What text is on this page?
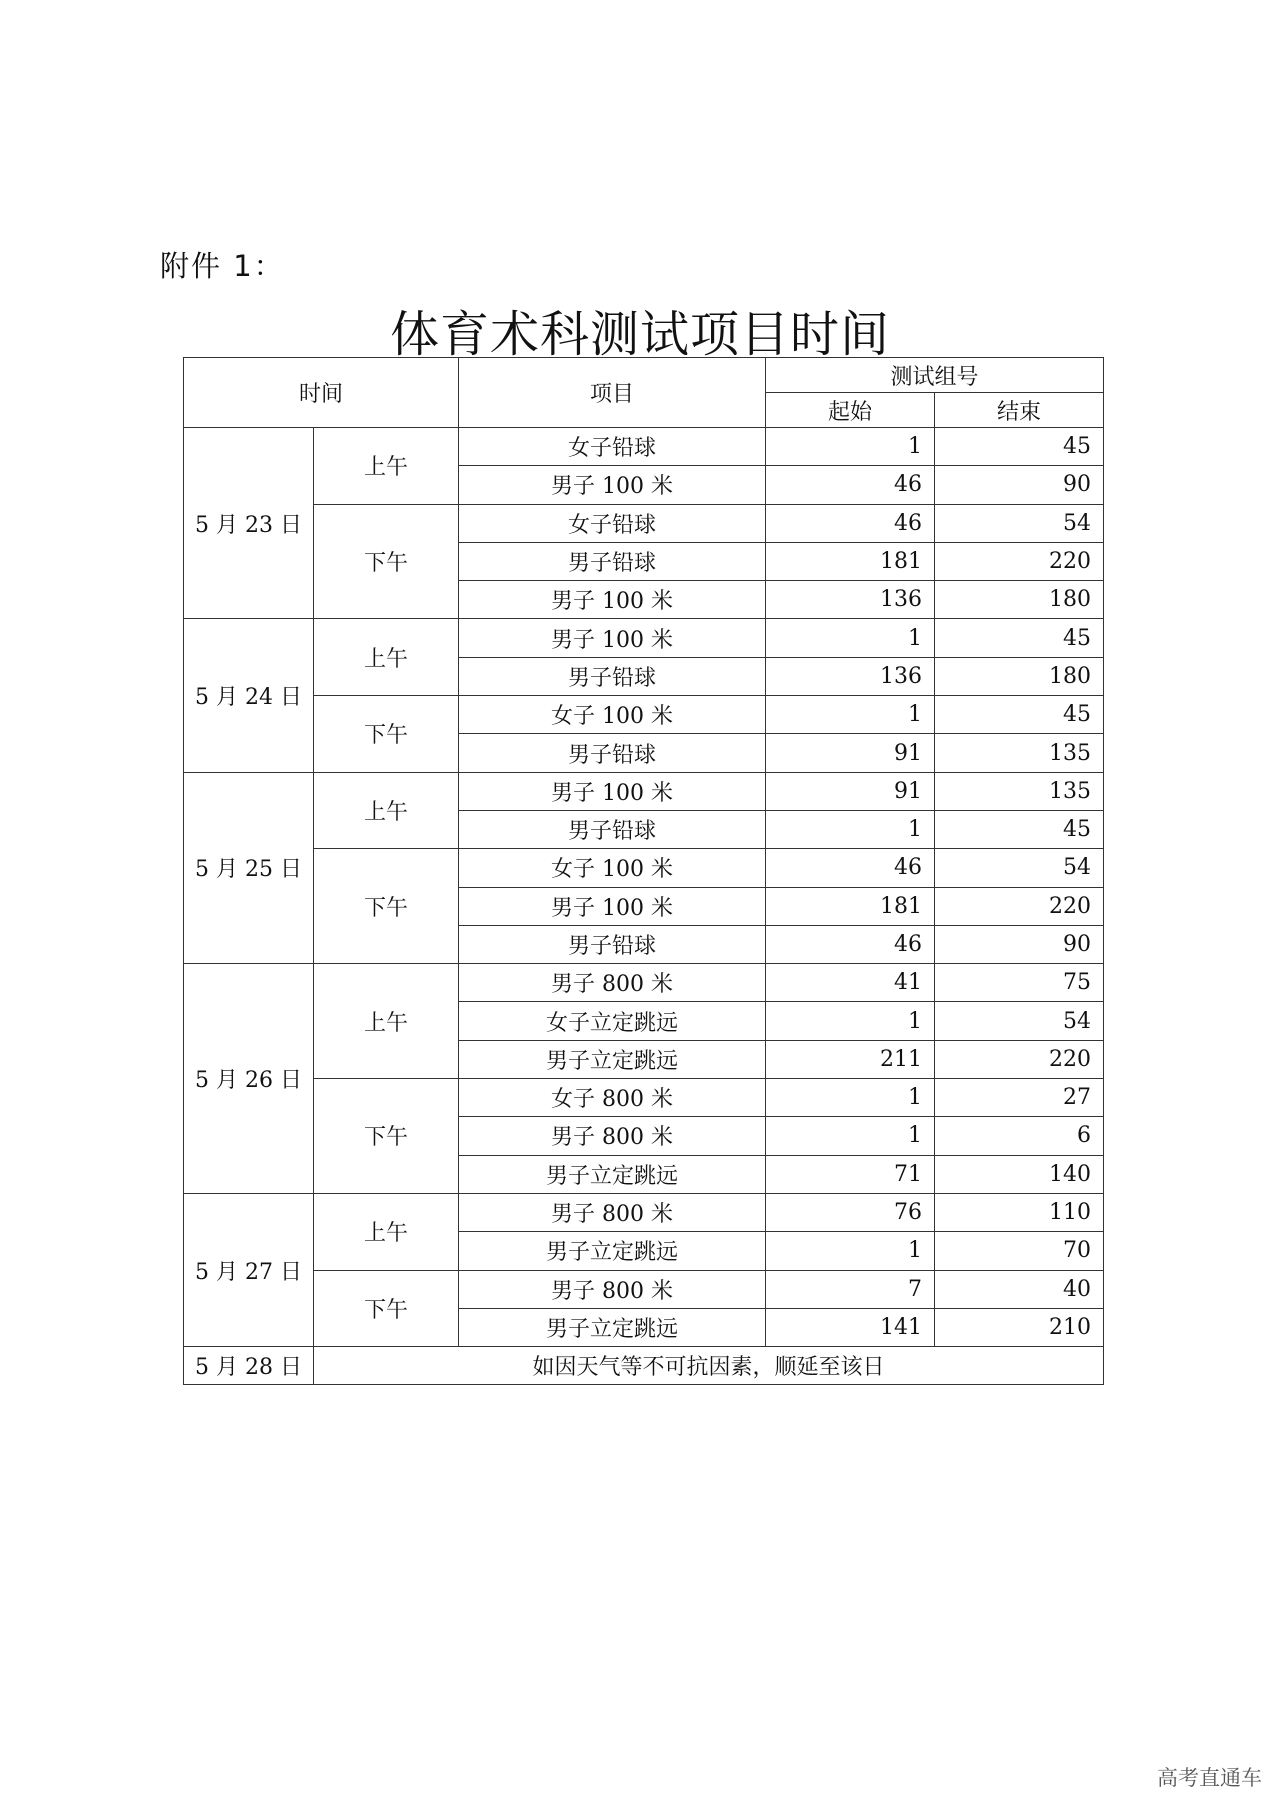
附件 1：
体育术科测试项目时间
时间		项目	测试组号	
			起始	结束
5 月 23 日	上午	女子铅球	1	45
		男子 100 米	46	90
	下午	女子铅球	46	54
		男子铅球	181	220
		男子 100 米	136	180
5 月 24 日	上午	男子 100 米	1	45
		男子铅球	136	180
	下午	女子 100 米	1	45
		男子铅球	91	135
5 月 25 日	上午	男子 100 米	91	135
		男子铅球	1	45
	下午	女子 100 米	46	54
		男子 100 米	181	220
		男子铅球	46	90
5 月 26 日	上午	男子 800 米	41	75
		女子立定跳远	1	54
		男子立定跳远	211	220
	下午	女子 800 米	1	27
		男子 800 米	1	6
		男子立定跳远	71	140
5 月 27 日	上午	男子 800 米	76	110
		男子立定跳远	1	70
	下午	男子 800 米	7	40
		男子立定跳远	141	210
5 月 28 日	如因天气等不可抗因素，顺延至该日			
高考直通车
